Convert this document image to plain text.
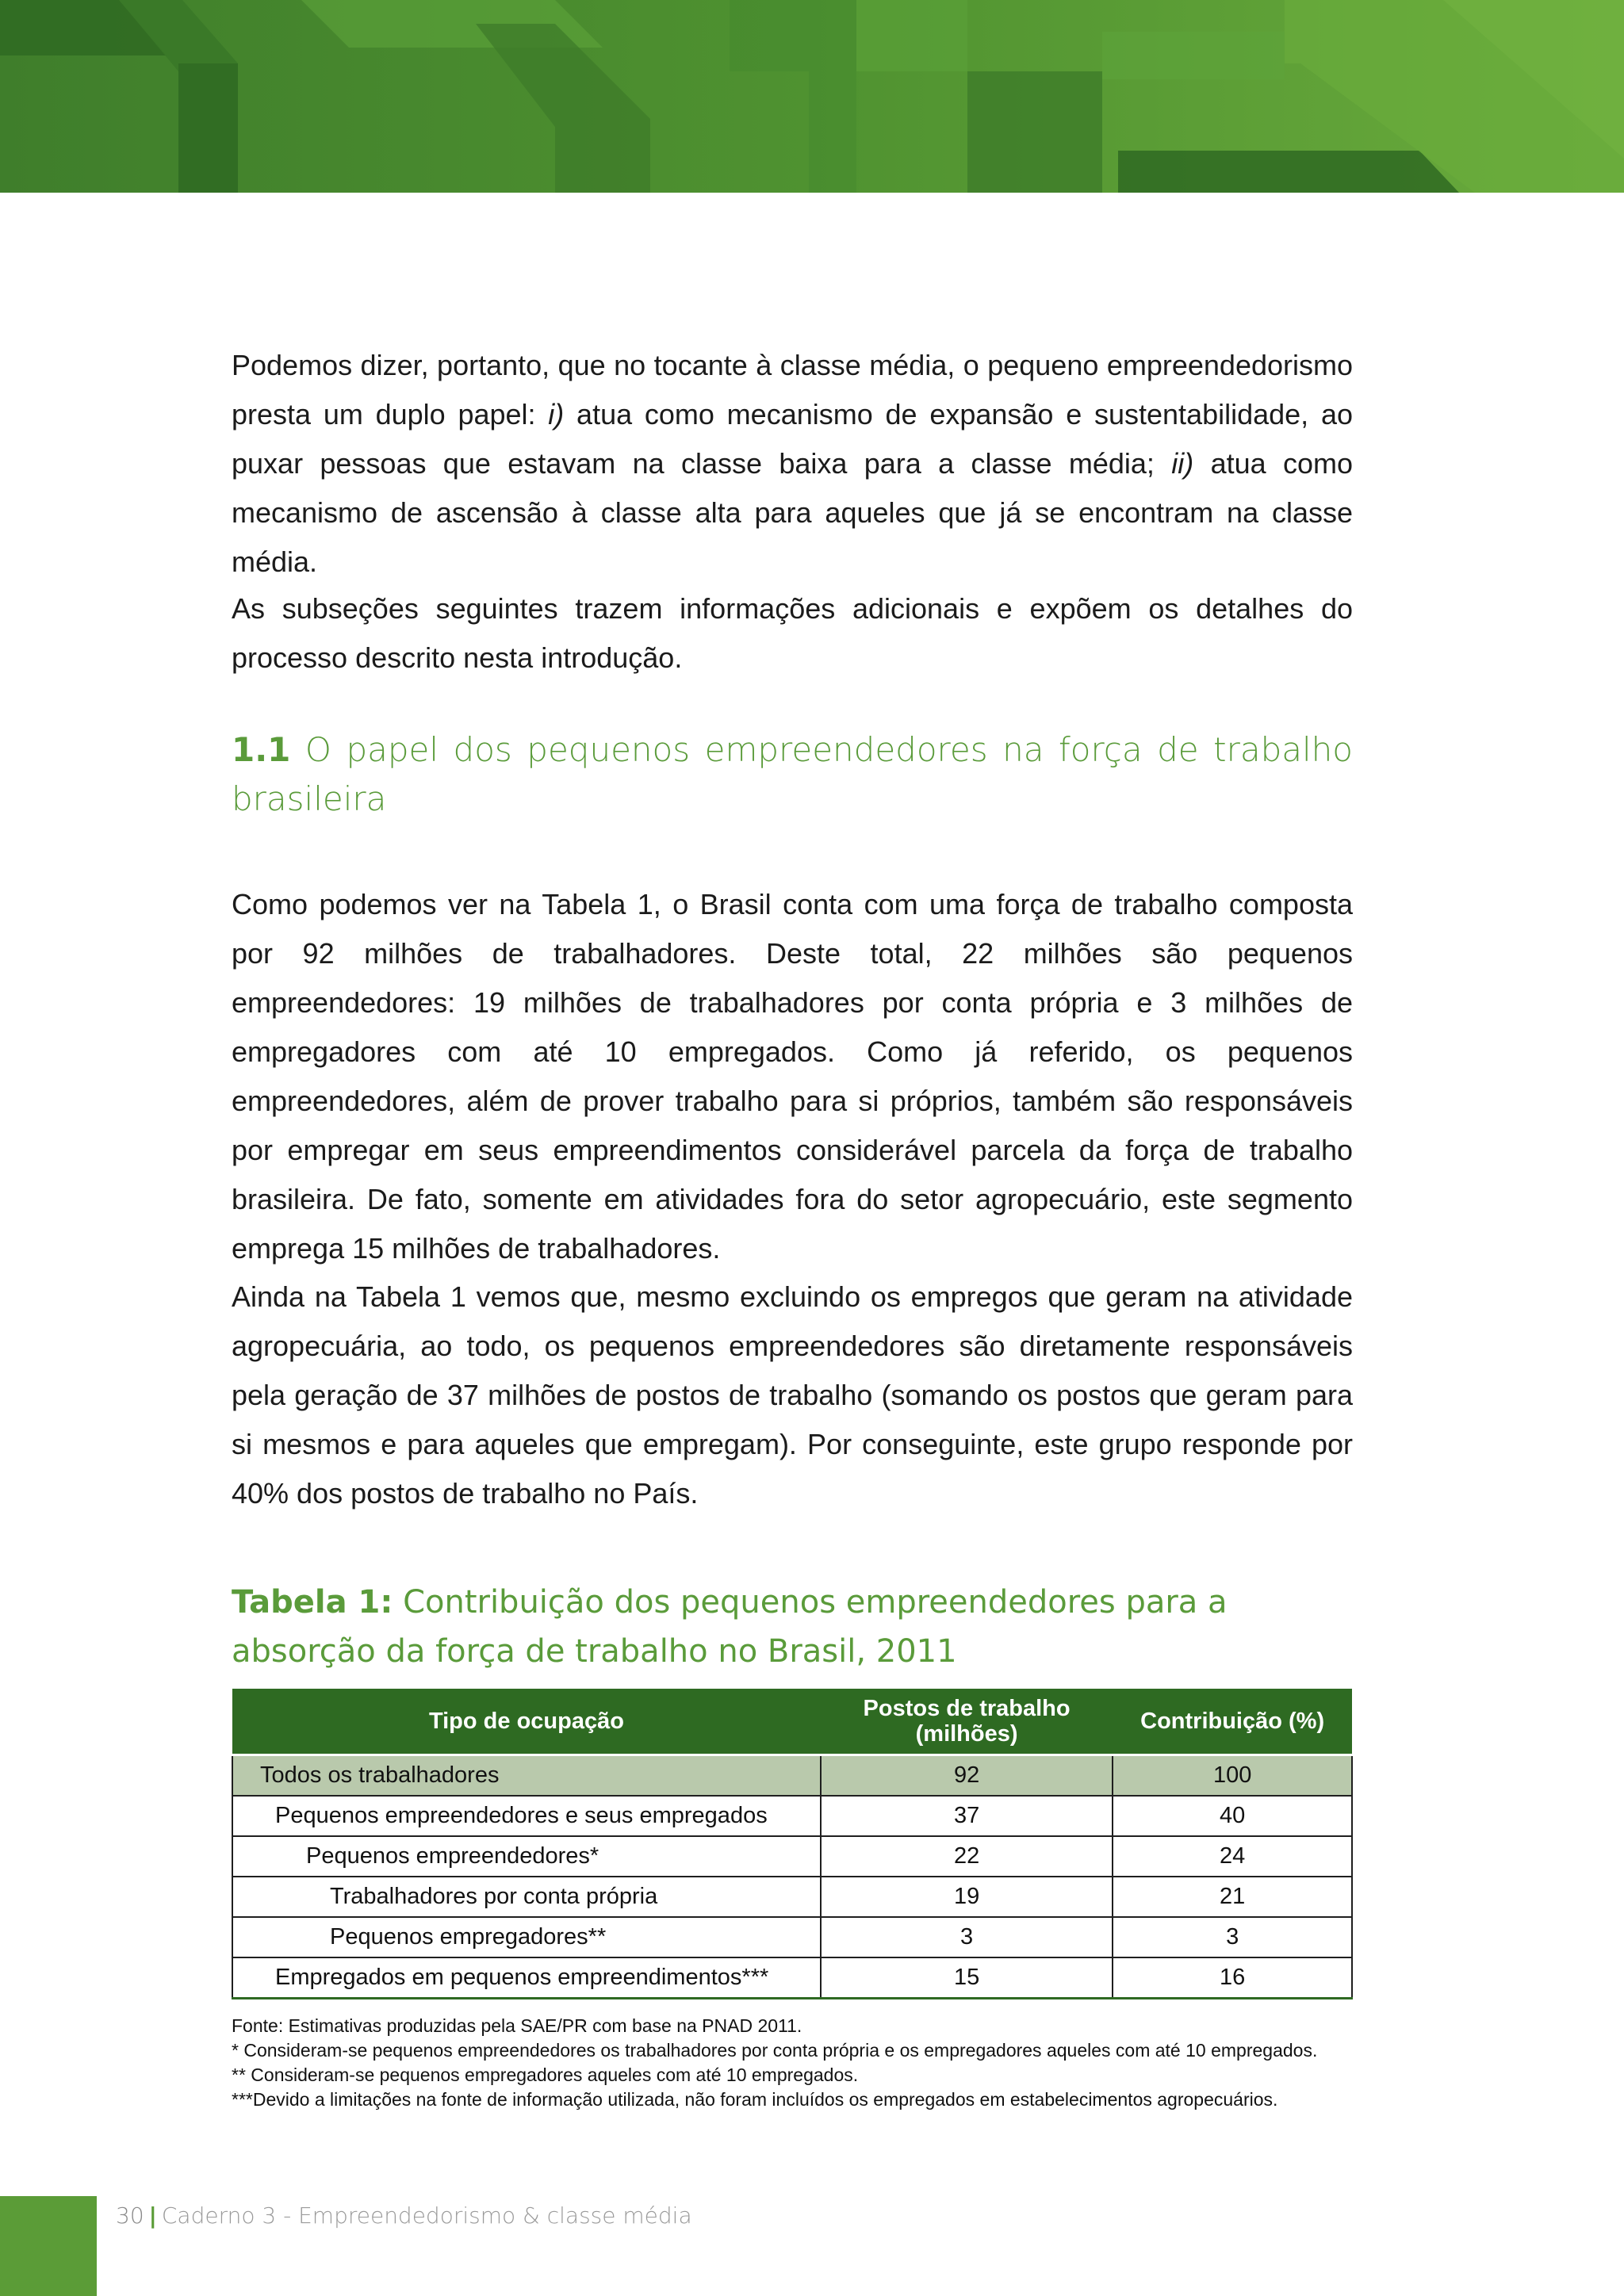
Podemos dizer, portanto, que no tocante à classe média, o pequeno empreendedorismo presta um duplo papel: i) atua como mecanismo de expansão e sustentabilidade, ao puxar pessoas que estavam na classe baixa para a classe média; ii) atua como mecanismo de ascensão à classe alta para aqueles que já se encontram na classe média.

As subseções seguintes trazem informações adicionais e expõem os detalhes do processo descrito nesta introdução.

1.1 O papel dos pequenos empreendedores na força de trabalho brasileira

Como podemos ver na Tabela 1, o Brasil conta com uma força de trabalho composta por 92 milhões de trabalhadores. Deste total, 22 milhões são pequenos empreendedores: 19 milhões de trabalhadores por conta própria e 3 milhões de empregadores com até 10 empregados. Como já referido, os pequenos empreendedores, além de prover trabalho para si próprios, também são responsáveis por empregar em seus empreendimentos considerável parcela da força de trabalho brasileira. De fato, somente em atividades fora do setor agropecuário, este segmento emprega 15 milhões de trabalhadores.

Ainda na Tabela 1 vemos que, mesmo excluindo os empregos que geram na atividade agropecuária, ao todo, os pequenos empreendedores são diretamente responsáveis pela geração de 37 milhões de postos de trabalho (somando os postos que geram para si mesmos e para aqueles que empregam). Por conseguinte, este grupo responde por 40% dos postos de trabalho no País.

Tabela 1: Contribuição dos pequenos empreendedores para a absorção da força de trabalho no Brasil, 2011
Tipo de ocupação	Postos de trabalho (milhões)	Contribuição (%)
Todos os trabalhadores	92	100
Pequenos empreendedores e seus empregados	37	40
Pequenos empreendedores*	22	24
Trabalhadores por conta própria	19	21
Pequenos empregadores**	3	3
Empregados em pequenos empreendimentos***	15	16
Fonte: Estimativas produzidas pela SAE/PR com base na PNAD 2011.
* Consideram-se pequenos empreendedores os trabalhadores por conta própria e os empregadores aqueles com até 10 empregados.
** Consideram-se pequenos empregadores aqueles com até 10 empregados.
***Devido a limitações na fonte de informação utilizada, não foram incluídos os empregados em estabelecimentos agropecuários.
30 | Caderno 3 - Empreendedorismo & classe média
